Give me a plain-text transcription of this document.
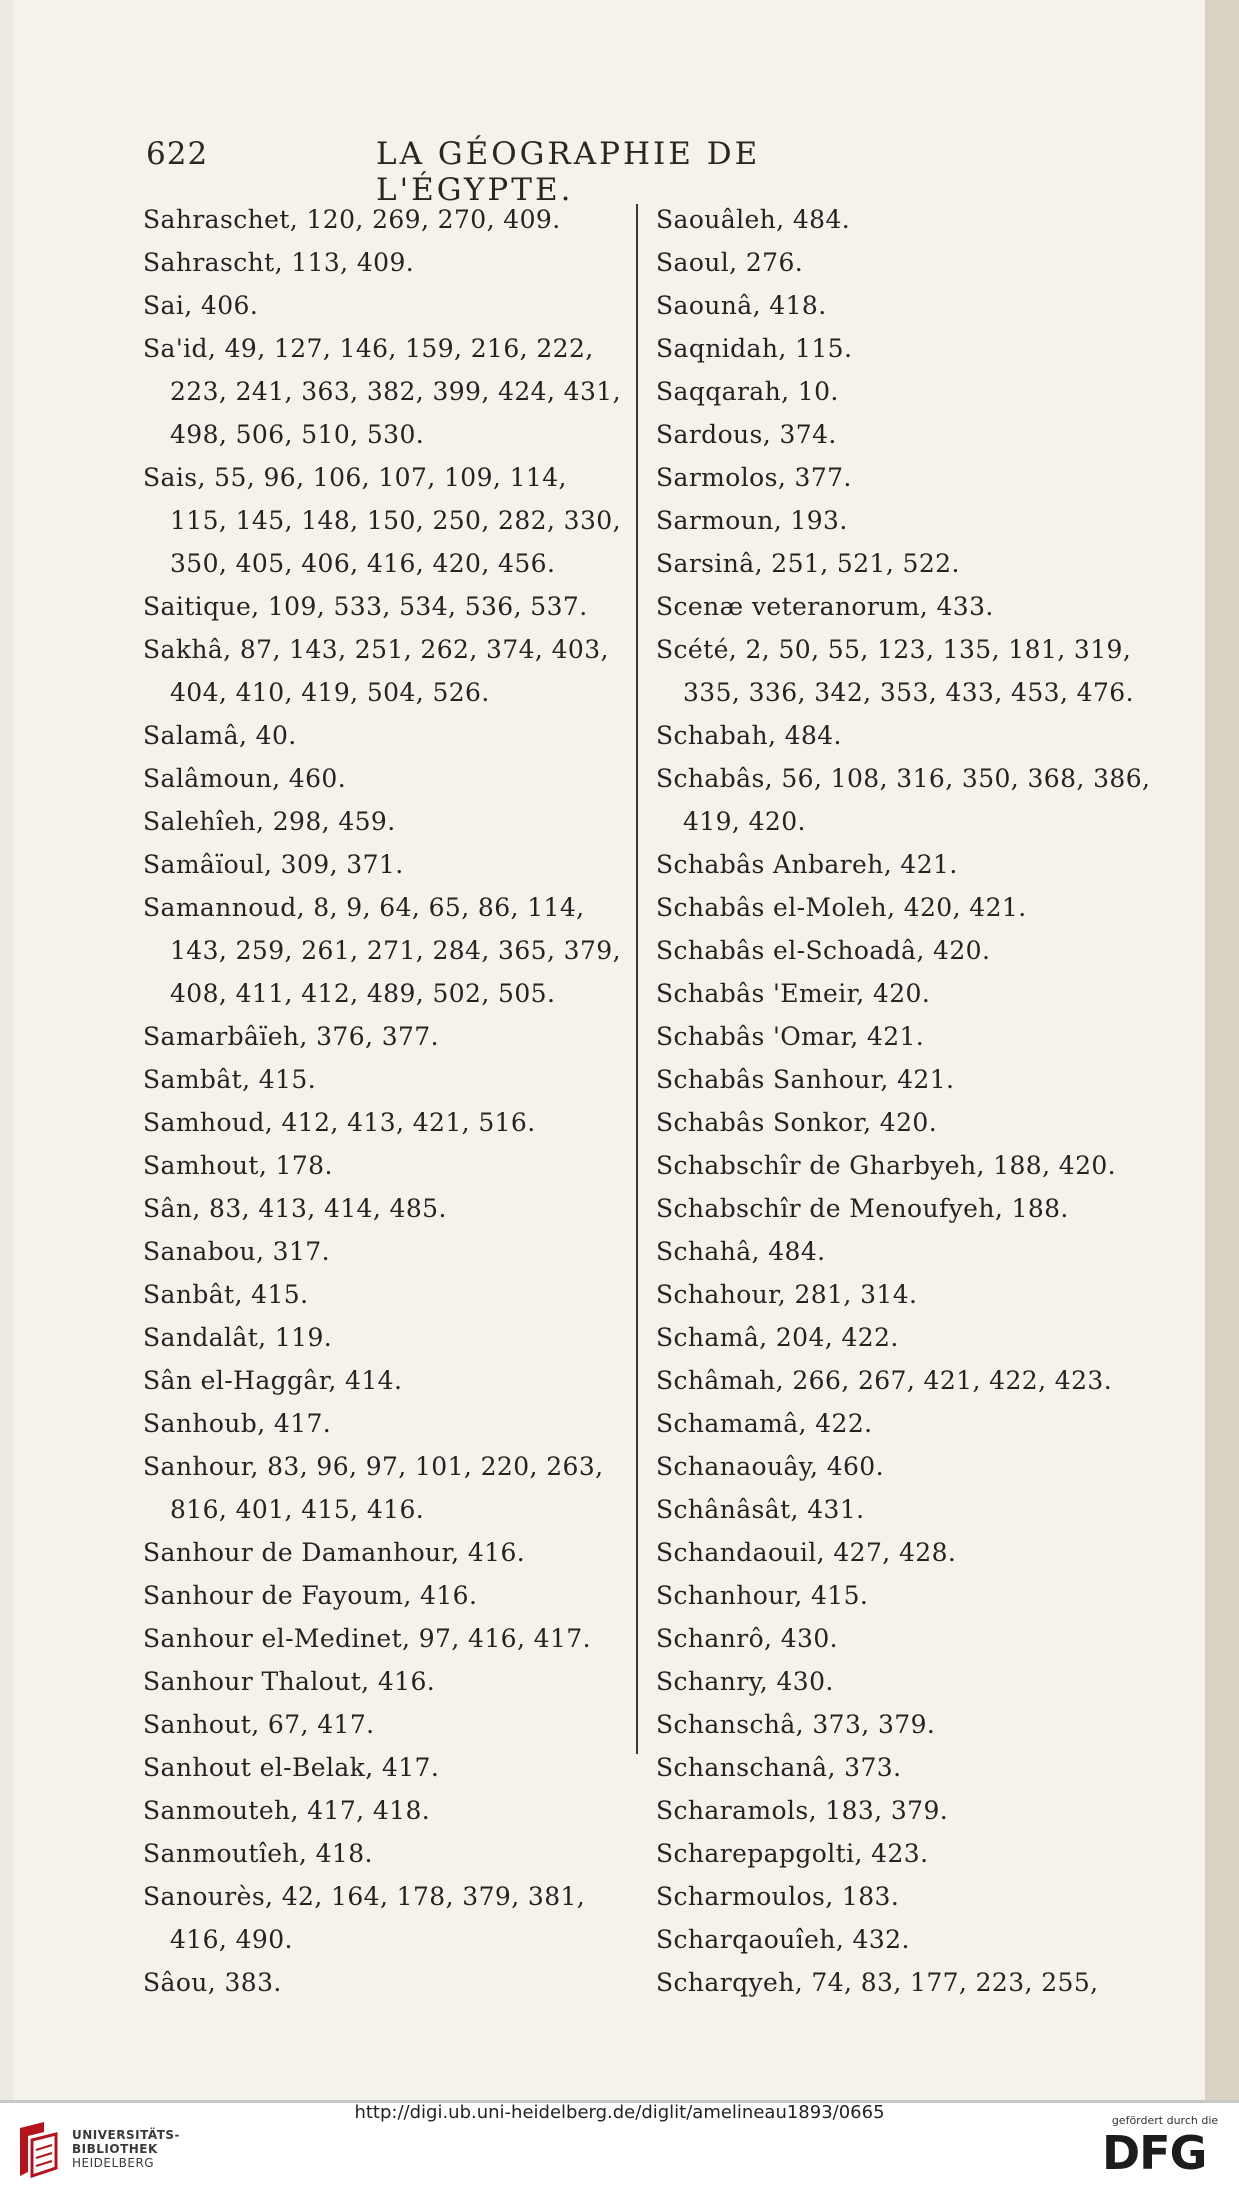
622	LA GÉOGRAPHIE DE L'ÉGYPTE.
Sahraschet, 120, 269, 270, 409.
Sahrascht, 113, 409.
Sai, 406.
Sa'id, 49, 127, 146, 159, 216, 222,
223, 241, 363, 382, 399, 424, 431,
498, 506, 510, 530.
Sais, 55, 96, 106, 107, 109, 114,
115, 145, 148, 150, 250, 282, 330,
350, 405, 406, 416, 420, 456.
Saitique, 109, 533, 534, 536, 537.
Sakhâ, 87, 143, 251, 262, 374, 403,
404, 410, 419, 504, 526.
Salamâ, 40.
Salâmoun, 460.
Salehîeh, 298, 459.
Samâïoul, 309, 371.
Samannoud, 8, 9, 64, 65, 86, 114,
143, 259, 261, 271, 284, 365, 379,
408, 411, 412, 489, 502, 505.
Samarbâïeh, 376, 377.
Sambât, 415.
Samhoud, 412, 413, 421, 516.
Samhout, 178.
Sân, 83, 413, 414, 485.
Sanabou, 317.
Sanbât, 415.
Sandalât, 119.
Sân el-Haggâr, 414.
Sanhoub, 417.
Sanhour, 83, 96, 97, 101, 220, 263,
816, 401, 415, 416.
Sanhour de Damanhour, 416.
Sanhour de Fayoum, 416.
Sanhour el-Medinet, 97, 416, 417.
Sanhour Thalout, 416.
Sanhout, 67, 417.
Sanhout el-Belak, 417.
Sanmouteh, 417, 418.
Sanmoutîeh, 418.
Sanourès, 42, 164, 178, 379, 381,
416, 490.
Sâou, 383.
Saouâleh, 484.
Saoul, 276.
Saounâ, 418.
Saqnidah, 115.
Saqqarah, 10.
Sardous, 374.
Sarmolos, 377.
Sarmoun, 193.
Sarsinâ, 251, 521, 522.
Scenæ veteranorum, 433.
Scété, 2, 50, 55, 123, 135, 181, 319,
335, 336, 342, 353, 433, 453, 476.
Schabah, 484.
Schabâs, 56, 108, 316, 350, 368, 386,
419, 420.
Schabâs Anbareh, 421.
Schabâs el-Moleh, 420, 421.
Schabâs el-Schoadâ, 420.
Schabâs 'Emeir, 420.
Schabâs 'Omar, 421.
Schabâs Sanhour, 421.
Schabâs Sonkor, 420.
Schabschîr de Gharbyeh, 188, 420.
Schabschîr de Menoufyeh, 188.
Schahâ, 484.
Schahour, 281, 314.
Schamâ, 204, 422.
Schâmah, 266, 267, 421, 422, 423.
Schamamâ, 422.
Schanaouây, 460.
Schânâsât, 431.
Schandaouil, 427, 428.
Schanhour, 415.
Schanrô, 430.
Schanry, 430.
Schanschâ, 373, 379.
Schanschanâ, 373.
Scharamols, 183, 379.
Scharepapgolti, 423.
Scharmoulos, 183.
Scharqaouîeh, 432.
Scharqyeh, 74, 83, 177, 223, 255,
UNIVERSITÄTS-
BIBLIOTHEK
HEIDELBERG
http://digi.ub.uni-heidelberg.de/diglit/amelineau1893/0665	gefördert durch die
DFG
